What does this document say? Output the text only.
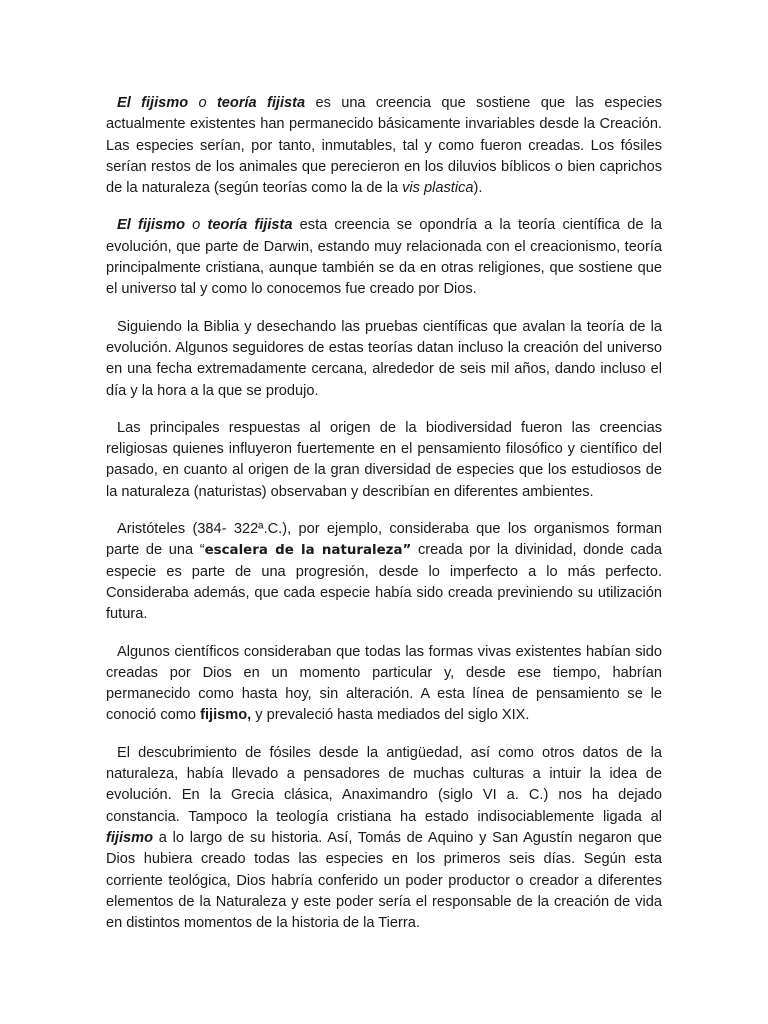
El fijismo o teoría fijista es una creencia que sostiene que las especies actualmente existentes han permanecido básicamente invariables desde la Creación. Las especies serían, por tanto, inmutables, tal y como fueron creadas. Los fósiles serían restos de los animales que perecieron en los diluvios bíblicos o bien caprichos de la naturaleza (según teorías como la de la vis plastica).

El fijismo o teoría fijista esta creencia se opondría a la teoría científica de la evolución, que parte de Darwin, estando muy relacionada con el creacionismo, teoría principalmente cristiana, aunque también se da en otras religiones, que sostiene que el universo tal y como lo conocemos fue creado por Dios.

Siguiendo la Biblia y desechando las pruebas científicas que avalan la teoría de la evolución. Algunos seguidores de estas teorías datan incluso la creación del universo en una fecha extremadamente cercana, alrededor de seis mil años, dando incluso el día y la hora a la que se produjo.

Las principales respuestas al origen de la biodiversidad fueron las creencias religiosas quienes influyeron fuertemente en el pensamiento filosófico y científico del pasado, en cuanto al origen de la gran diversidad de especies que los estudiosos de la naturaleza (naturistas) observaban y describían en diferentes ambientes.

Aristóteles (384- 322ª.C.), por ejemplo, consideraba que los organismos forman parte de una “escalera de la naturaleza” creada por la divinidad, donde cada especie es parte de una progresión, desde lo imperfecto a lo más perfecto. Consideraba además, que cada especie había sido creada previniendo su utilización futura.

Algunos científicos consideraban que todas las formas vivas existentes habían sido creadas por Dios en un momento particular y, desde ese tiempo, habrían permanecido como hasta hoy, sin alteración. A esta línea de pensamiento se le conoció como fijismo, y prevaleció hasta mediados del siglo XIX.

El descubrimiento de fósiles desde la antigüedad, así como otros datos de la naturaleza, había llevado a pensadores de muchas culturas a intuir la idea de evolución. En la Grecia clásica, Anaximandro (siglo VI a. C.) nos ha dejado constancia. Tampoco la teología cristiana ha estado indisociablemente ligada al fijismo a lo largo de su historia. Así, Tomás de Aquino y San Agustín negaron que Dios hubiera creado todas las especies en los primeros seis días. Según esta corriente teológica, Dios habría conferido un poder productor o creador a diferentes elementos de la Naturaleza y este poder sería el responsable de la creación de vida en distintos momentos de la historia de la Tierra.
